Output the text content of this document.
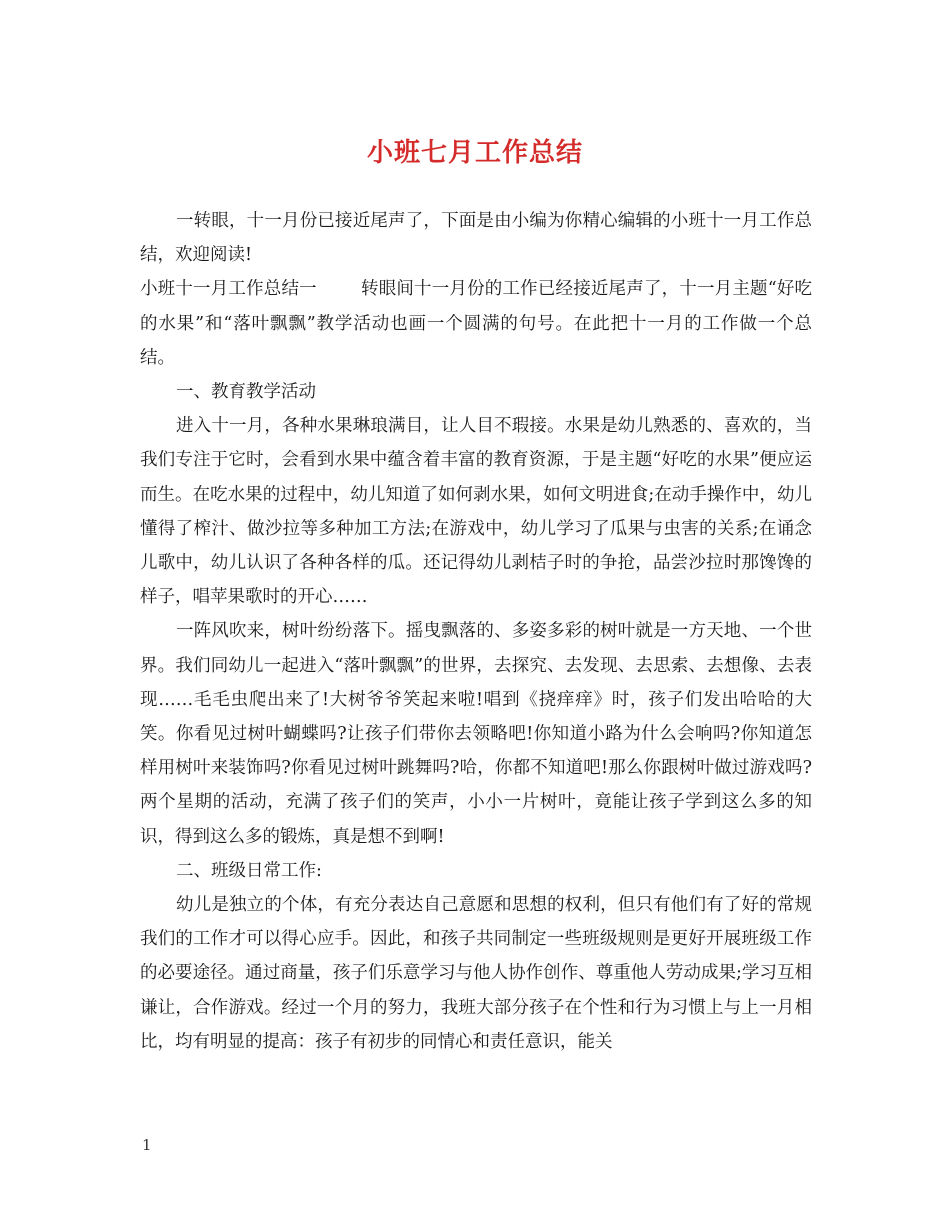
小班七月工作总结

一转眼，十一月份已接近尾声了，下面是由小编为你精心编辑的小班十一月工作总结，欢迎阅读!

小班十一月工作总结一	转眼间十一月份的工作已经接近尾声了，十一月主题“好吃的水果”和“落叶飘飘”教学活动也画一个圆满的句号。在此把十一月的工作做一个总结。

一、教育教学活动

进入十一月，各种水果琳琅满目，让人目不瑕接。水果是幼儿熟悉的、喜欢的，当我们专注于它时，会看到水果中蕴含着丰富的教育资源，于是主题“好吃的水果”便应运而生。在吃水果的过程中，幼儿知道了如何剥水果，如何文明进食;在动手操作中，幼儿懂得了榨汁、做沙拉等多种加工方法;在游戏中，幼儿学习了瓜果与虫害的关系;在诵念儿歌中，幼儿认识了各种各样的瓜。还记得幼儿剥桔子时的争抢，品尝沙拉时那馋馋的样子，唱苹果歌时的开心……

一阵风吹来，树叶纷纷落下。摇曳飘落的、多姿多彩的树叶就是一方天地、一个世界。我们同幼儿一起进入“落叶飘飘”的世界，去探究、去发现、去思索、去想像、去表现……毛毛虫爬出来了!大树爷爷笑起来啦!唱到《挠痒痒》时，孩子们发出哈哈的大笑。你看见过树叶蝴蝶吗?让孩子们带你去领略吧!你知道小路为什么会响吗?你知道怎样用树叶来装饰吗?你看见过树叶跳舞吗?哈，你都不知道吧!那么你跟树叶做过游戏吗?两个星期的活动，充满了孩子们的笑声，小小一片树叶，竟能让孩子学到这么多的知识，得到这么多的锻炼，真是想不到啊!

二、班级日常工作:

幼儿是独立的个体，有充分表达自己意愿和思想的权利，但只有他们有了好的常规我们的工作才可以得心应手。因此，和孩子共同制定一些班级规则是更好开展班级工作的必要途径。通过商量，孩子们乐意学习与他人协作创作、尊重他人劳动成果;学习互相谦让，合作游戏。经过一个月的努力，我班大部分孩子在个性和行为习惯上与上一月相比，均有明显的提高：孩子有初步的同情心和责任意识，能关

1
